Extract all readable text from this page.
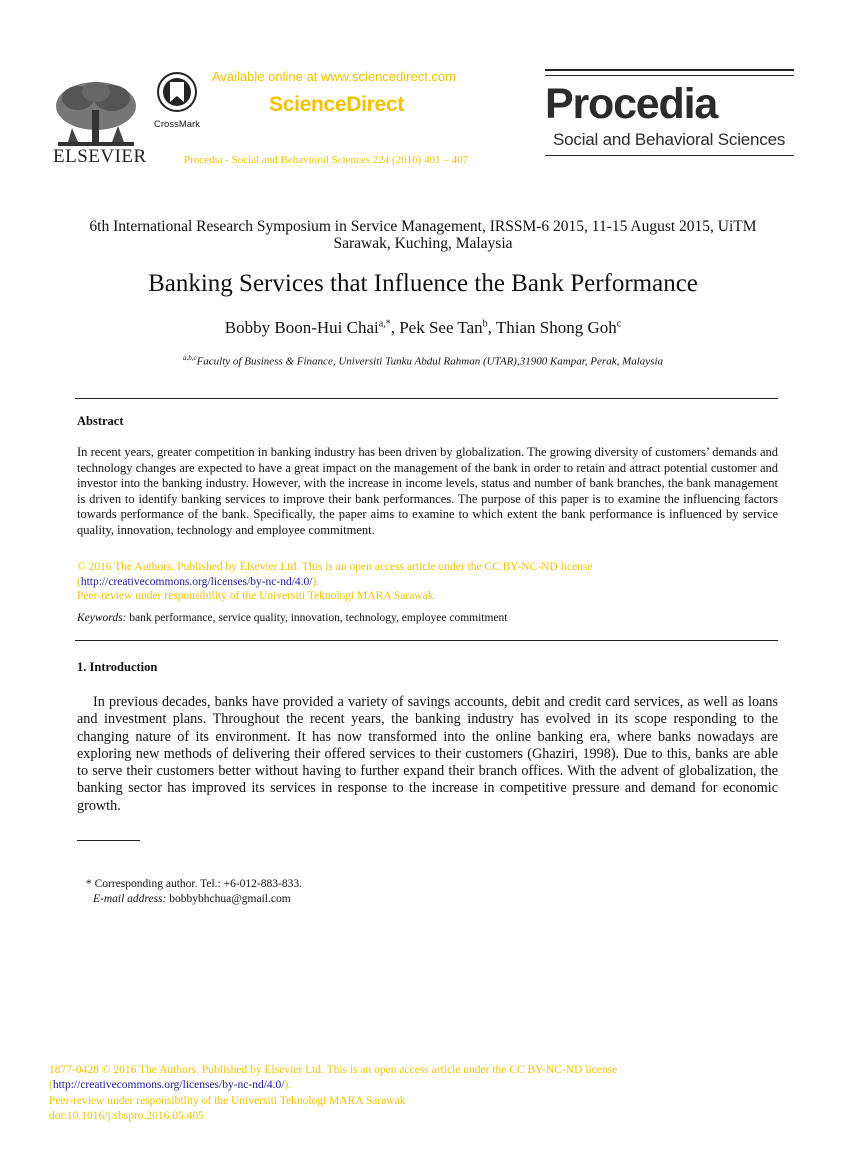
ELSEVIER
CrossMark
Available online at www.sciencedirect.com
ScienceDirect
Procedia - Social and Behavioral Sciences 224 (2016) 401 – 407
Procedia
Social and Behavioral Sciences
6th International Research Symposium in Service Management, IRSSM-6 2015, 11-15 August 2015, UiTM Sarawak, Kuching, Malaysia
Banking Services that Influence the Bank Performance
Bobby Boon-Hui Chai$^{a,*}$, Pek See Tan$^b$, Thian Shong Goh$^c$
$^{a,b,c}$Faculty of Business & Finance, Universiti Tunku Abdul Rahman (UTAR),31900 Kampar, Perak, Malaysia
Abstract
In recent years, greater competition in banking industry has been driven by globalization. The growing diversity of customers’ demands and technology changes are expected to have a great impact on the management of the bank in order to retain and attract potential customer and investor into the banking industry. However, with the increase in income levels, status and number of bank branches, the bank management is driven to identify banking services to improve their bank performances. The purpose of this paper is to examine the influencing factors towards performance of the bank. Specifically, the paper aims to examine to which extent the bank performance is influenced by service quality, innovation, technology and employee commitment.
© 2016 The Authors. Published by Elsevier Ltd. This is an open access article under the CC BY-NC-ND license
(http://creativecommons.org/licenses/by-nc-nd/4.0/).
Peer-review under responsibility of the Universiti Teknologi MARA Sarawak
Keywords: bank performance, service quality, innovation, technology, employee commitment
1. Introduction
In previous decades, banks have provided a variety of savings accounts, debit and credit card services, as well as loans and investment plans. Throughout the recent years, the banking industry has evolved in its scope responding to the changing nature of its environment. It has now transformed into the online banking era, where banks nowadays are exploring new methods of delivering their offered services to their customers (Ghaziri, 1998). Due to this, banks are able to serve their customers better without having to further expand their branch offices. With the advent of globalization, the banking sector has improved its services in response to the increase in competitive pressure and demand for economic growth.
* Corresponding author. Tel.: +6-012-883-833.
E-mail address: bobbybhchua@gmail.com
1877-0428 © 2016 The Authors. Published by Elsevier Ltd. This is an open access article under the CC BY-NC-ND license
(http://creativecommons.org/licenses/by-nc-nd/4.0/).
Peer-review under responsibility of the Universiti Teknologi MARA Sarawak
doi:10.1016/j.sbspro.2016.05.405
